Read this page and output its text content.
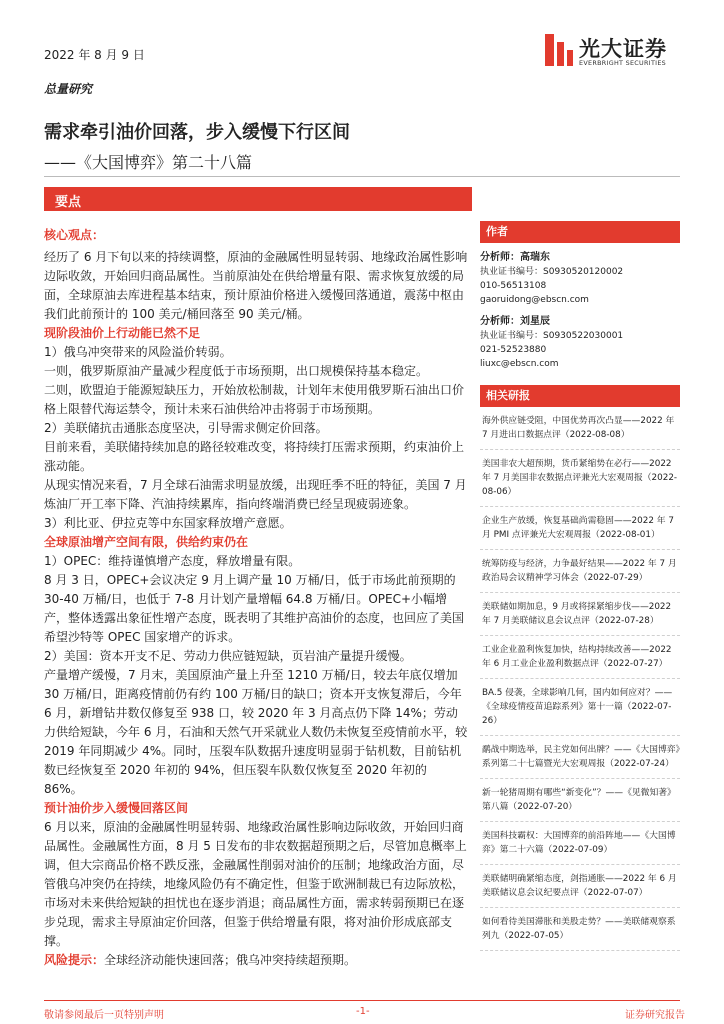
2022 年 8 月 9 日	光大证券
EVERBRIGHT SECURITIES
总量研究
需求牵引油价回落，步入缓慢下行区间
——《大国博弈》第二十八篇
要点

核心观点：

经历了 6 月下旬以来的持续调整，原油的金融属性明显转弱、地缘政治属性影响边际收敛，开始回归商品属性。当前原油处在供给增量有限、需求恢复放缓的局面，全球原油去库进程基本结束，预计原油价格进入缓慢回落通道，震荡中枢由我们此前预计的 100 美元/桶回落至 90 美元/桶。

现阶段油价上行动能已然不足

1）俄乌冲突带来的风险溢价转弱。

一则，俄罗斯原油产量减少程度低于市场预期，出口规模保持基本稳定。

二则，欧盟迫于能源短缺压力，开始放松制裁，计划年末使用俄罗斯石油出口价格上限替代海运禁令，预计未来石油供给冲击将弱于市场预期。

2）美联储抗击通胀态度坚决，引导需求侧定价回落。

目前来看，美联储持续加息的路径较难改变，将持续打压需求预期，约束油价上涨动能。

从现实情况来看，7 月全球石油需求明显放缓，出现旺季不旺的特征，美国 7 月炼油厂开工率下降、汽油持续累库，指向终端消费已经呈现疲弱迹象。

3）利比亚、伊拉克等中东国家释放增产意愿。

全球原油增产空间有限，供给约束仍在

1）OPEC：维持谨慎增产态度，释放增量有限。

8 月 3 日，OPEC+会议决定 9 月上调产量 10 万桶/日，低于市场此前预期的 30-40 万桶/日，也低于 7-8 月计划产量增幅 64.8 万桶/日。OPEC+小幅增产，整体透露出象征性增产态度，既表明了其维护高油价的态度，也回应了美国希望沙特等 OPEC 国家增产的诉求。

2）美国：资本开支不足、劳动力供应链短缺，页岩油产量提升缓慢。

产量增产缓慢，7 月末，美国原油产量上升至 1210 万桶/日，较去年底仅增加 30 万桶/日，距离疫情前仍有约 100 万桶/日的缺口；资本开支恢复滞后，今年 6 月，新增钻井数仅修复至 938 口，较 2020 年 3 月高点仍下降 14%；劳动力供给短缺，今年 6 月，石油和天然气开采就业人数仍未恢复至疫情前水平，较 2019 年同期减少 4%。同时，压裂车队数据升速度明显弱于钻机数，目前钻机数已经恢复至 2020 年初的 94%，但压裂车队数仅恢复至 2020 年初的 86%。

预计油价步入缓慢回落区间

6 月以来，原油的金融属性明显转弱、地缘政治属性影响边际收敛，开始回归商品属性。金融属性方面，8 月 5 日发布的非农数据超预期之后，尽管加息概率上调，但大宗商品价格不跌反涨，金融属性削弱对油价的压制；地缘政治方面，尽管俄乌冲突仍在持续，地缘风险仍有不确定性，但鉴于欧洲制裁已有边际放松，市场对未来供给短缺的担忧也在逐步消退；商品属性方面，需求转弱预期已在逐步兑现，需求主导原油定价回落，但鉴于供给增量有限，将对油价形成底部支撑。

风险提示：全球经济动能快速回落；俄乌冲突持续超预期。

作者
分析师：高瑞东
执业证书编号：S0930520120002
010-56513108
gaoruidong@ebscn.com
分析师：刘星辰
执业证书编号：S0930522030001
021-52523880
liuxc@ebscn.com
相关研报
海外供应链受阻，中国优势再次凸显——2022 年 7 月进出口数据点评（2022-08-08）
美国非农大超预期，货币紧缩势在必行——2022 年 7 月美国非农数据点评兼光大宏观周报（2022-08-06）
企业生产放缓，恢复基础尚需稳固——2022 年 7 月 PMI 点评兼光大宏观周报（2022-08-01）
统筹防疫与经济，力争最好结果——2022 年 7 月政治局会议精神学习体会（2022-07-29）
美联储如期加息，9 月或将採紧缩步伐——2022 年 7 月美联储议息会议点评（2022-07-28）
工业企业盈利恢复加快，结构持续改善——2022 年 6 月工业企业盈利数据点评（2022-07-27）
BA.5 侵袭，全球影响几何，国内如何应对？——《全球疫情疫苗追踪系列》第十一篇（2022-07-26）
鹬战中期选举，民主党如何出牌？——《大国博弈》系列第二十七篇暨光大宏观周报（2022-07-24）
新一轮猪周期有哪些“新变化”？——《见微知著》第八篇（2022-07-20）
美国科技霸权：大国博弈的前沿阵地——《大国博弈》第二十六篇（2022-07-09）
美联储明确紧缩态度，剑指通胀——2022 年 6 月美联储议息会议纪要点评（2022-07-07）
如何看待美国滞胀和美股走势？——美联储观察系列九（2022-07-05）
敬请参阅最后一页特别声明	-1-	证券研究报告
